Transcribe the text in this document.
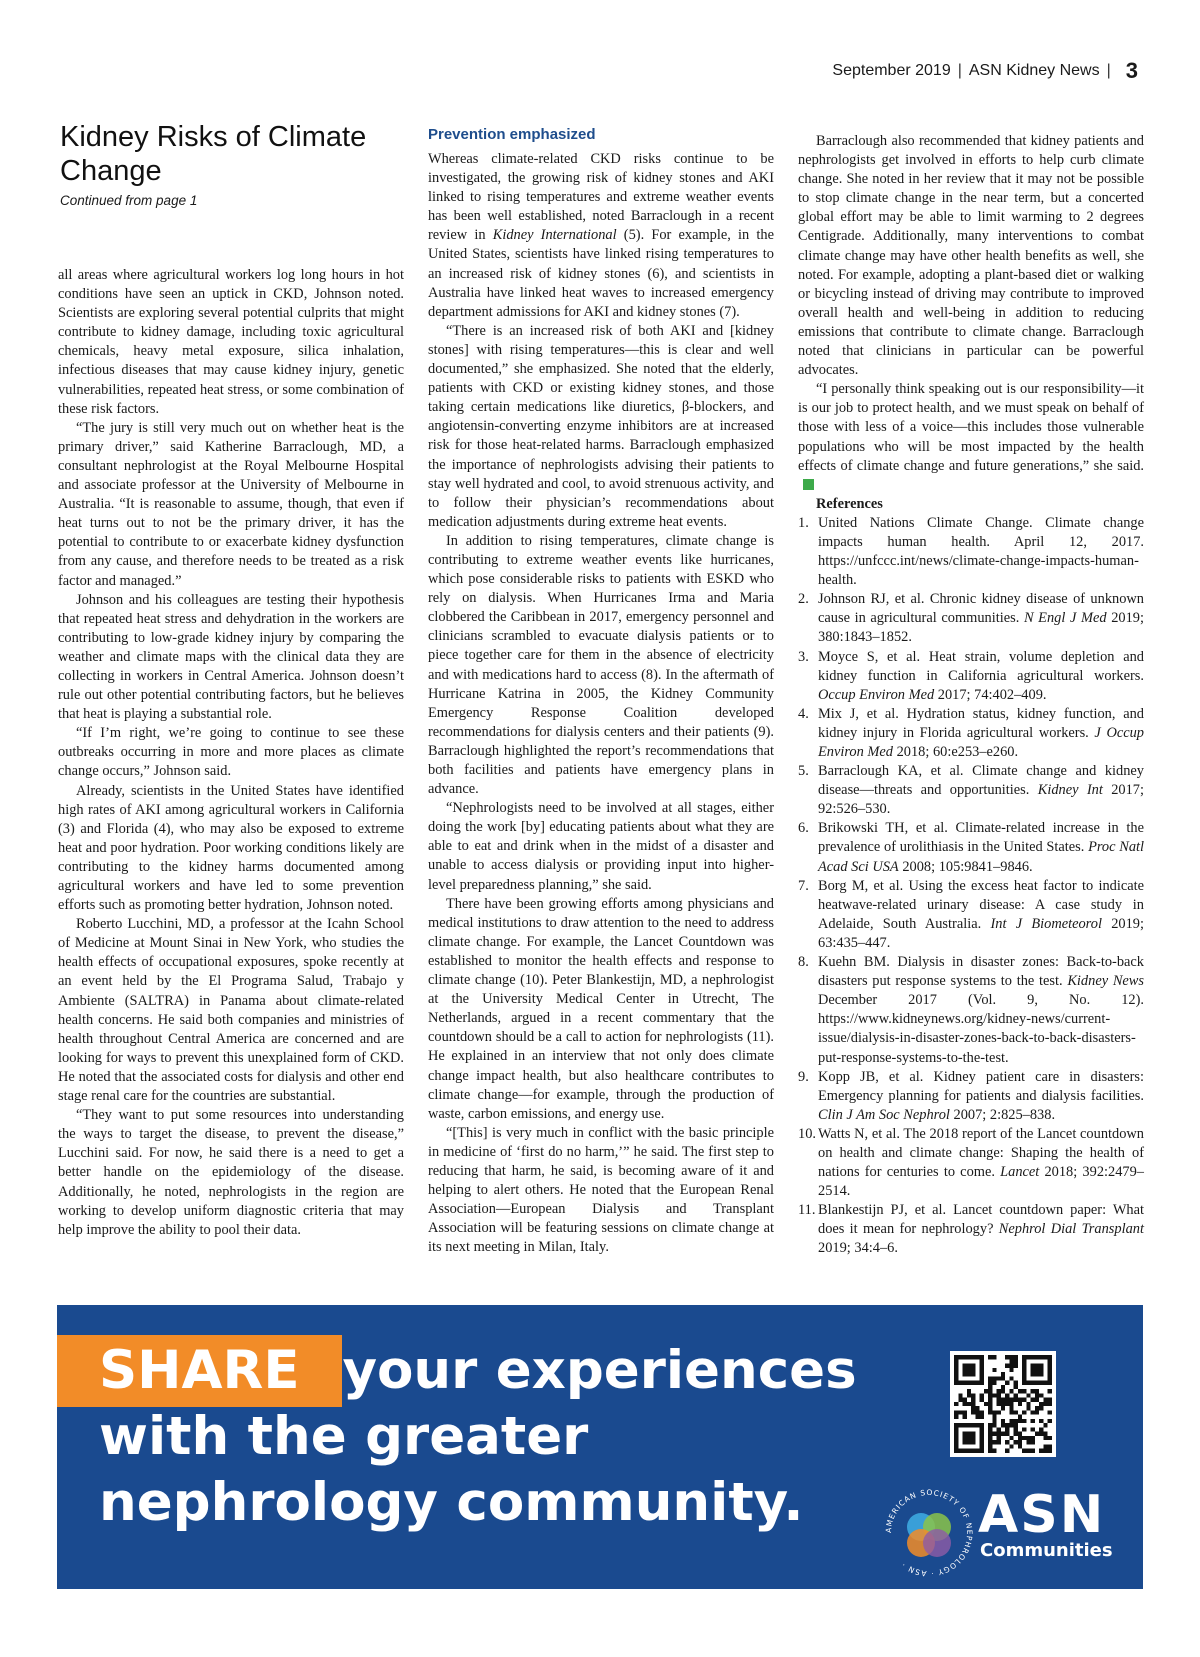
September 2019 | ASN Kidney News | 3
Kidney Risks of Climate Change
Continued from page 1

all areas where agricultural workers log long hours in hot conditions have seen an uptick in CKD, Johnson noted. Scientists are exploring several potential culprits that might contribute to kidney damage, including toxic agricultural chemicals, heavy metal exposure, silica inhalation, infectious diseases that may cause kidney injury, genetic vulnerabilities, repeated heat stress, or some combination of these risk factors.

“The jury is still very much out on whether heat is the primary driver,” said Katherine Barraclough, MD, a consultant nephrologist at the Royal Melbourne Hospital and associate professor at the University of Melbourne in Australia. “It is reasonable to assume, though, that even if heat turns out to not be the primary driver, it has the potential to contribute to or exacerbate kidney dysfunction from any cause, and therefore needs to be treated as a risk factor and managed.”

Johnson and his colleagues are testing their hypothesis that repeated heat stress and dehydration in the workers are contributing to low-grade kidney injury by comparing the weather and climate maps with the clinical data they are collecting in workers in Central America. Johnson doesn’t rule out other potential contributing factors, but he believes that heat is playing a substantial role.

“If I’m right, we’re going to continue to see these outbreaks occurring in more and more places as climate change occurs,” Johnson said.

Already, scientists in the United States have identified high rates of AKI among agricultural workers in California (3) and Florida (4), who may also be exposed to extreme heat and poor hydration. Poor working conditions likely are contributing to the kidney harms documented among agricultural workers and have led to some prevention efforts such as promoting better hydration, Johnson noted.

Roberto Lucchini, MD, a professor at the Icahn School of Medicine at Mount Sinai in New York, who studies the health effects of occupational exposures, spoke recently at an event held by the El Programa Salud, Trabajo y Ambiente (SALTRA) in Panama about climate-related health concerns. He said both companies and ministries of health throughout Central America are concerned and are looking for ways to prevent this unexplained form of CKD. He noted that the associated costs for dialysis and other end stage renal care for the countries are substantial.

“They want to put some resources into understanding the ways to target the disease, to prevent the disease,” Lucchini said. For now, he said there is a need to get a better handle on the epidemiology of the disease. Additionally, he noted, nephrologists in the region are working to develop uniform diagnostic criteria that may help improve the ability to pool their data.

Prevention emphasized

Whereas climate-related CKD risks continue to be investigated, the growing risk of kidney stones and AKI linked to rising temperatures and extreme weather events has been well established, noted Barraclough in a recent review in Kidney International (5). For example, in the United States, scientists have linked rising temperatures to an increased risk of kidney stones (6), and scientists in Australia have linked heat waves to increased emergency department admissions for AKI and kidney stones (7).

“There is an increased risk of both AKI and [kidney stones] with rising temperatures—this is clear and well documented,” she emphasized. She noted that the elderly, patients with CKD or existing kidney stones, and those taking certain medications like diuretics, β-blockers, and angiotensin-converting enzyme inhibitors are at increased risk for those heat-related harms. Barraclough emphasized the importance of nephrologists advising their patients to stay well hydrated and cool, to avoid strenuous activity, and to follow their physician’s recommendations about medication adjustments during extreme heat events.

In addition to rising temperatures, climate change is contributing to extreme weather events like hurricanes, which pose considerable risks to patients with ESKD who rely on dialysis. When Hurricanes Irma and Maria clobbered the Caribbean in 2017, emergency personnel and clinicians scrambled to evacuate dialysis patients or to piece together care for them in the absence of electricity and with medications hard to access (8). In the aftermath of Hurricane Katrina in 2005, the Kidney Community Emergency Response Coalition developed recommendations for dialysis centers and their patients (9). Barraclough highlighted the report’s recommendations that both facilities and patients have emergency plans in advance.

“Nephrologists need to be involved at all stages, either doing the work [by] educating patients about what they are able to eat and drink when in the midst of a disaster and unable to access dialysis or providing input into higher-level preparedness planning,” she said.

There have been growing efforts among physicians and medical institutions to draw attention to the need to address climate change. For example, the Lancet Countdown was established to monitor the health effects and response to climate change (10). Peter Blankestijn, MD, a nephrologist at the University Medical Center in Utrecht, The Netherlands, argued in a recent commentary that the countdown should be a call to action for nephrologists (11). He explained in an interview that not only does climate change impact health, but also healthcare contributes to climate change—for example, through the production of waste, carbon emissions, and energy use.

“[This] is very much in conflict with the basic principle in medicine of ‘first do no harm,’” he said. The first step to reducing that harm, he said, is becoming aware of it and helping to alert others. He noted that the European Renal Association—European Dialysis and Transplant Association will be featuring sessions on climate change at its next meeting in Milan, Italy.

Barraclough also recommended that kidney patients and nephrologists get involved in efforts to help curb climate change. She noted in her review that it may not be possible to stop climate change in the near term, but a concerted global effort may be able to limit warming to 2 degrees Centigrade. Additionally, many interventions to combat climate change may have other health benefits as well, she noted. For example, adopting a plant-based diet or walking or bicycling instead of driving may contribute to improved overall health and well-being in addition to reducing emissions that contribute to climate change. Barraclough noted that clinicians in particular can be powerful advocates.

“I personally think speaking out is our responsibility—it is our job to protect health, and we must speak on behalf of those with less of a voice—this includes those vulnerable populations who will be most impacted by the health effects of climate change and future generations,” she said.

References

1. United Nations Climate Change. Climate change impacts human health. April 12, 2017. https://unfccc.int/news/climate-change-impacts-human-health.
2. Johnson RJ, et al. Chronic kidney disease of unknown cause in agricultural communities. N Engl J Med 2019; 380:1843–1852.
3. Moyce S, et al. Heat strain, volume depletion and kidney function in California agricultural workers. Occup Environ Med 2017; 74:402–409.
4. Mix J, et al. Hydration status, kidney function, and kidney injury in Florida agricultural workers. J Occup Environ Med 2018; 60:e253–e260.
5. Barraclough KA, et al. Climate change and kidney disease—threats and opportunities. Kidney Int 2017; 92:526–530.
6. Brikowski TH, et al. Climate-related increase in the prevalence of urolithiasis in the United States. Proc Natl Acad Sci USA 2008; 105:9841–9846.
7. Borg M, et al. Using the excess heat factor to indicate heatwave-related urinary disease: A case study in Adelaide, South Australia. Int J Biometeorol 2019; 63:435–447.
8. Kuehn BM. Dialysis in disaster zones: Back-to-back disasters put response systems to the test. Kidney News December 2017 (Vol. 9, No. 12). https://www.kidneynews.org/kidney-news/current-issue/dialysis-in-disaster-zones-back-to-back-disasters-put-response-systems-to-the-test.
9. Kopp JB, et al. Kidney patient care in disasters: Emergency planning for patients and dialysis facilities. Clin J Am Soc Nephrol 2007; 2:825–838.
10. Watts N, et al. The 2018 report of the Lancet countdown on health and climate change: Shaping the health of nations for centuries to come. Lancet 2018; 392:2479–2514.
11. Blankestijn PJ, et al. Lancet countdown paper: What does it mean for nephrology? Nephrol Dial Transplant 2019; 34:4–6.
SHARE your experiences
with the greater
nephrology community.	AMERICAN SOCIETY OF NEPHROLOGY · ASN ·
ASN
Communities
